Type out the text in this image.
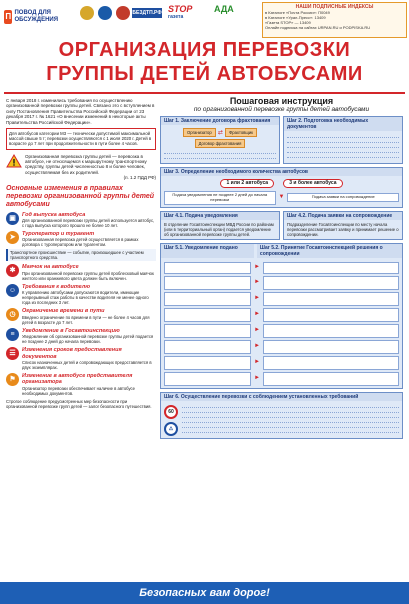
П ПОВОД ДЛЯ ОБСУЖДЕНИЯ
БЕЗДТП.РФ STOP
газета
АДА	НАШИ ПОДПИСНЫЕ ИНДЕКСЫ
в Каталоге «Почта России»: П0049
в Каталоге «Урал-Пресс»: 13409
«Газета STOP» — 13409
Онлайн подписка на сайтах URPAN.RU и PODPISKA.RU
ОРГАНИЗАЦИЯ ПЕРЕВОЗКИ
ГРУППЫ ДЕТЕЙ АВТОБУСАМИ
С января 2018 г. изменились требования по осуществлению организованной перевозки группы детей. Связано это с вступлением в силу Постановления Правительства Российской Федерации от 23 декабря 2017 г. № 1621 «О внесении изменений в некоторые акты Правительства Российской Федерации».
Для автобусов категории М3 — технически допустимой максимальной массой свыше 5 т; перевозки осуществляются с 1 июля 2020 г. Детей в возрасте до 7 лет при продолжительности в пути более 4 часов.
Организованная перевозка группы детей — перевозка в автобусе, не относящемся к маршрутному транспортному средству, группы детей численностью 8 и более человек, осуществляемая без их родителей.
(п. 1.2 ПДД РФ)
Основные изменения в правилах перевозки организованной группы детей автобусами
▣	Год выпуска автобуса
Для организованной перевозки группы детей используется автобус, с года выпуска которого прошло не более 10 лет.
➤	Туроператор и турагент
Организованная перевозка детей осуществляется в рамках договора с туроператором или турагентом.
Транспортное происшествие — событие, произошедшее с участием транспортного средства.
✱	Маячок на автобусе
При организованной перевозке группы детей проблесковый маячок желтого или оранжевого цвета должен быть включен.
☺	Требования к водителю
К управлению автобусами допускаются водители, имеющие непрерывный стаж работы в качестве водителя не менее одного года из последних 3 лет.
◷	Ограничение времени в пути
Введено ограничение по времени в пути — не более 4 часов для детей в возрасте до 7 лет.
≡	Уведомление в Госавтоинспекцию
Уведомление об организованной перевозке группы детей подается не позднее 2 дней до начала перевозки.
☰	Изменения сроков предоставления документов
Список назначенных детей и сопровождающих предоставляется в двух экземплярах.
⚑	Изменение в автобусе представителя организатора
Организатор перевозки обеспечивает наличие в автобусе необходимых документов.
Строгое соблюдение предусмотренных мер безопасности при организованной перевозке групп детей — залог безопасного путешествия.
Пошаговая инструкция
по организованной перевозке группы детей автобусами
Шаг 1. Заключение договора фрахтования
Организатор ⇄ Фрахтовщик
Договор фрахтования
Шаг 2. Подготовка необходимых документов
Шаг 3. Определение необходимого количества автобусов
1 или 2 автобуса	3 и более автобуса
Подача уведомления не позднее 2 дней до начала перевозки	▼	Подача заявки на сопровождение
Шаг 4.1. Подача уведомления
В отделение Госавтоинспекции МВД России по районам (или в территориальный орган) подается уведомление об организованной перевозке группы детей.
Шаг 4.2. Подача заявки на сопровождение
Подразделение Госавтоинспекции по месту начала перевозки рассматривает заявку и принимает решение о сопровождении.
Шаг 5.1. Уведомление подано	Шаг 5.2. Принятие Госавтоинспекцией решения о сопровождении
►
►
►
►
►
►
►
►
Шаг 6. Осуществление перевозки с соблюдением установленных требований
60
⚠
Безопасных вам дорог!
